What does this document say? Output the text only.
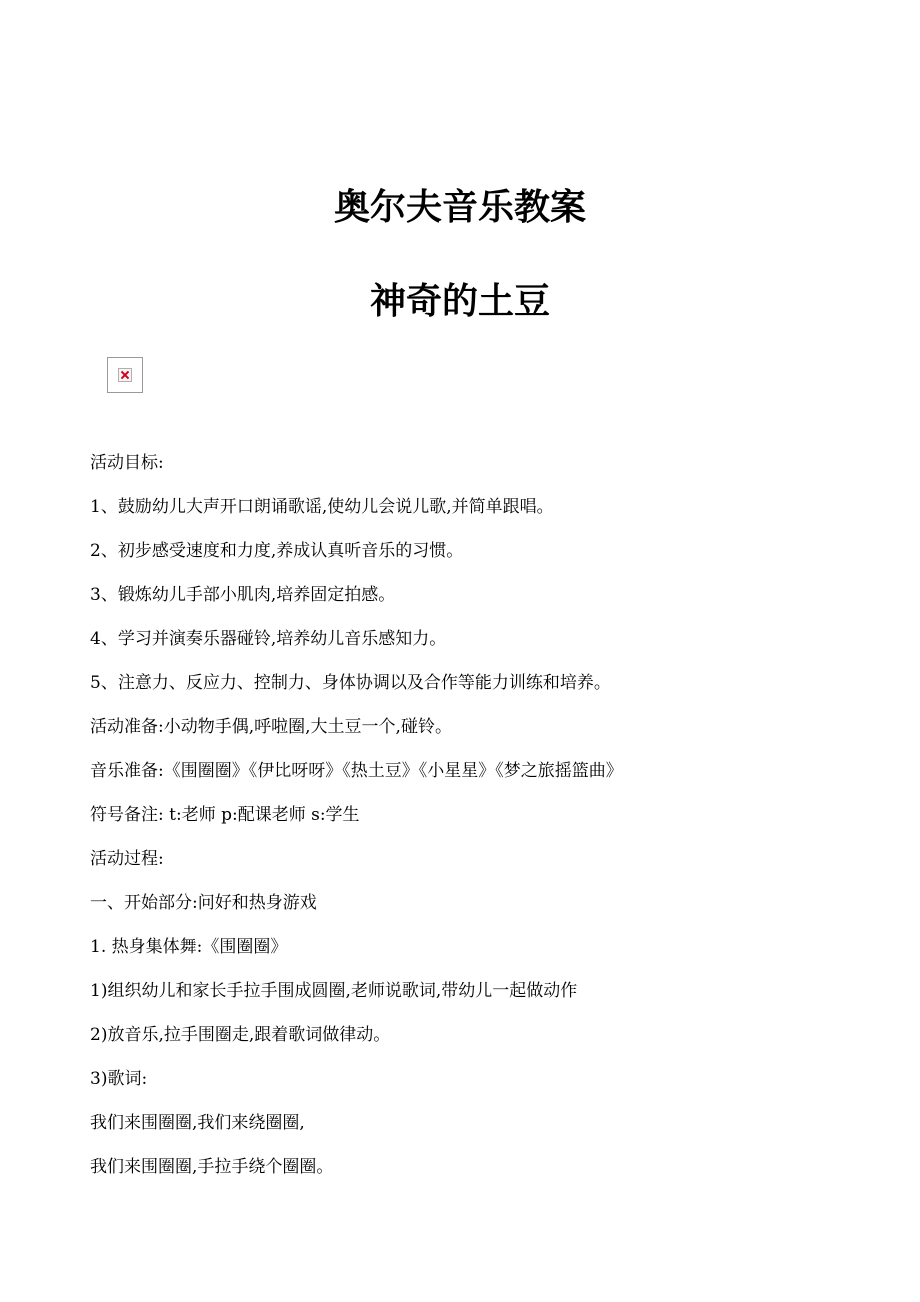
奥尔夫音乐教案
神奇的土豆
活动目标:
1、鼓励幼儿大声开口朗诵歌谣,使幼儿会说儿歌,并简单跟唱。
2、初步感受速度和力度,养成认真听音乐的习惯。
3、锻炼幼儿手部小肌肉,培养固定拍感。
4、学习并演奏乐器碰铃,培养幼儿音乐感知力。
5、注意力、反应力、控制力、身体协调以及合作等能力训练和培养。
活动准备:小动物手偶,呼啦圈,大土豆一个,碰铃。
音乐准备:《围圈圈》《伊比呀呀》《热土豆》《小星星》《梦之旅摇篮曲》
符号备注: t:老师 p:配课老师 s:学生
活动过程:
一、开始部分:问好和热身游戏
1. 热身集体舞:《围圈圈》
1)组织幼儿和家长手拉手围成圆圈,老师说歌词,带幼儿一起做动作
2)放音乐,拉手围圈走,跟着歌词做律动。
3)歌词:
我们来围圈圈,我们来绕圈圈,
我们来围圈圈,手拉手绕个圈圈。
